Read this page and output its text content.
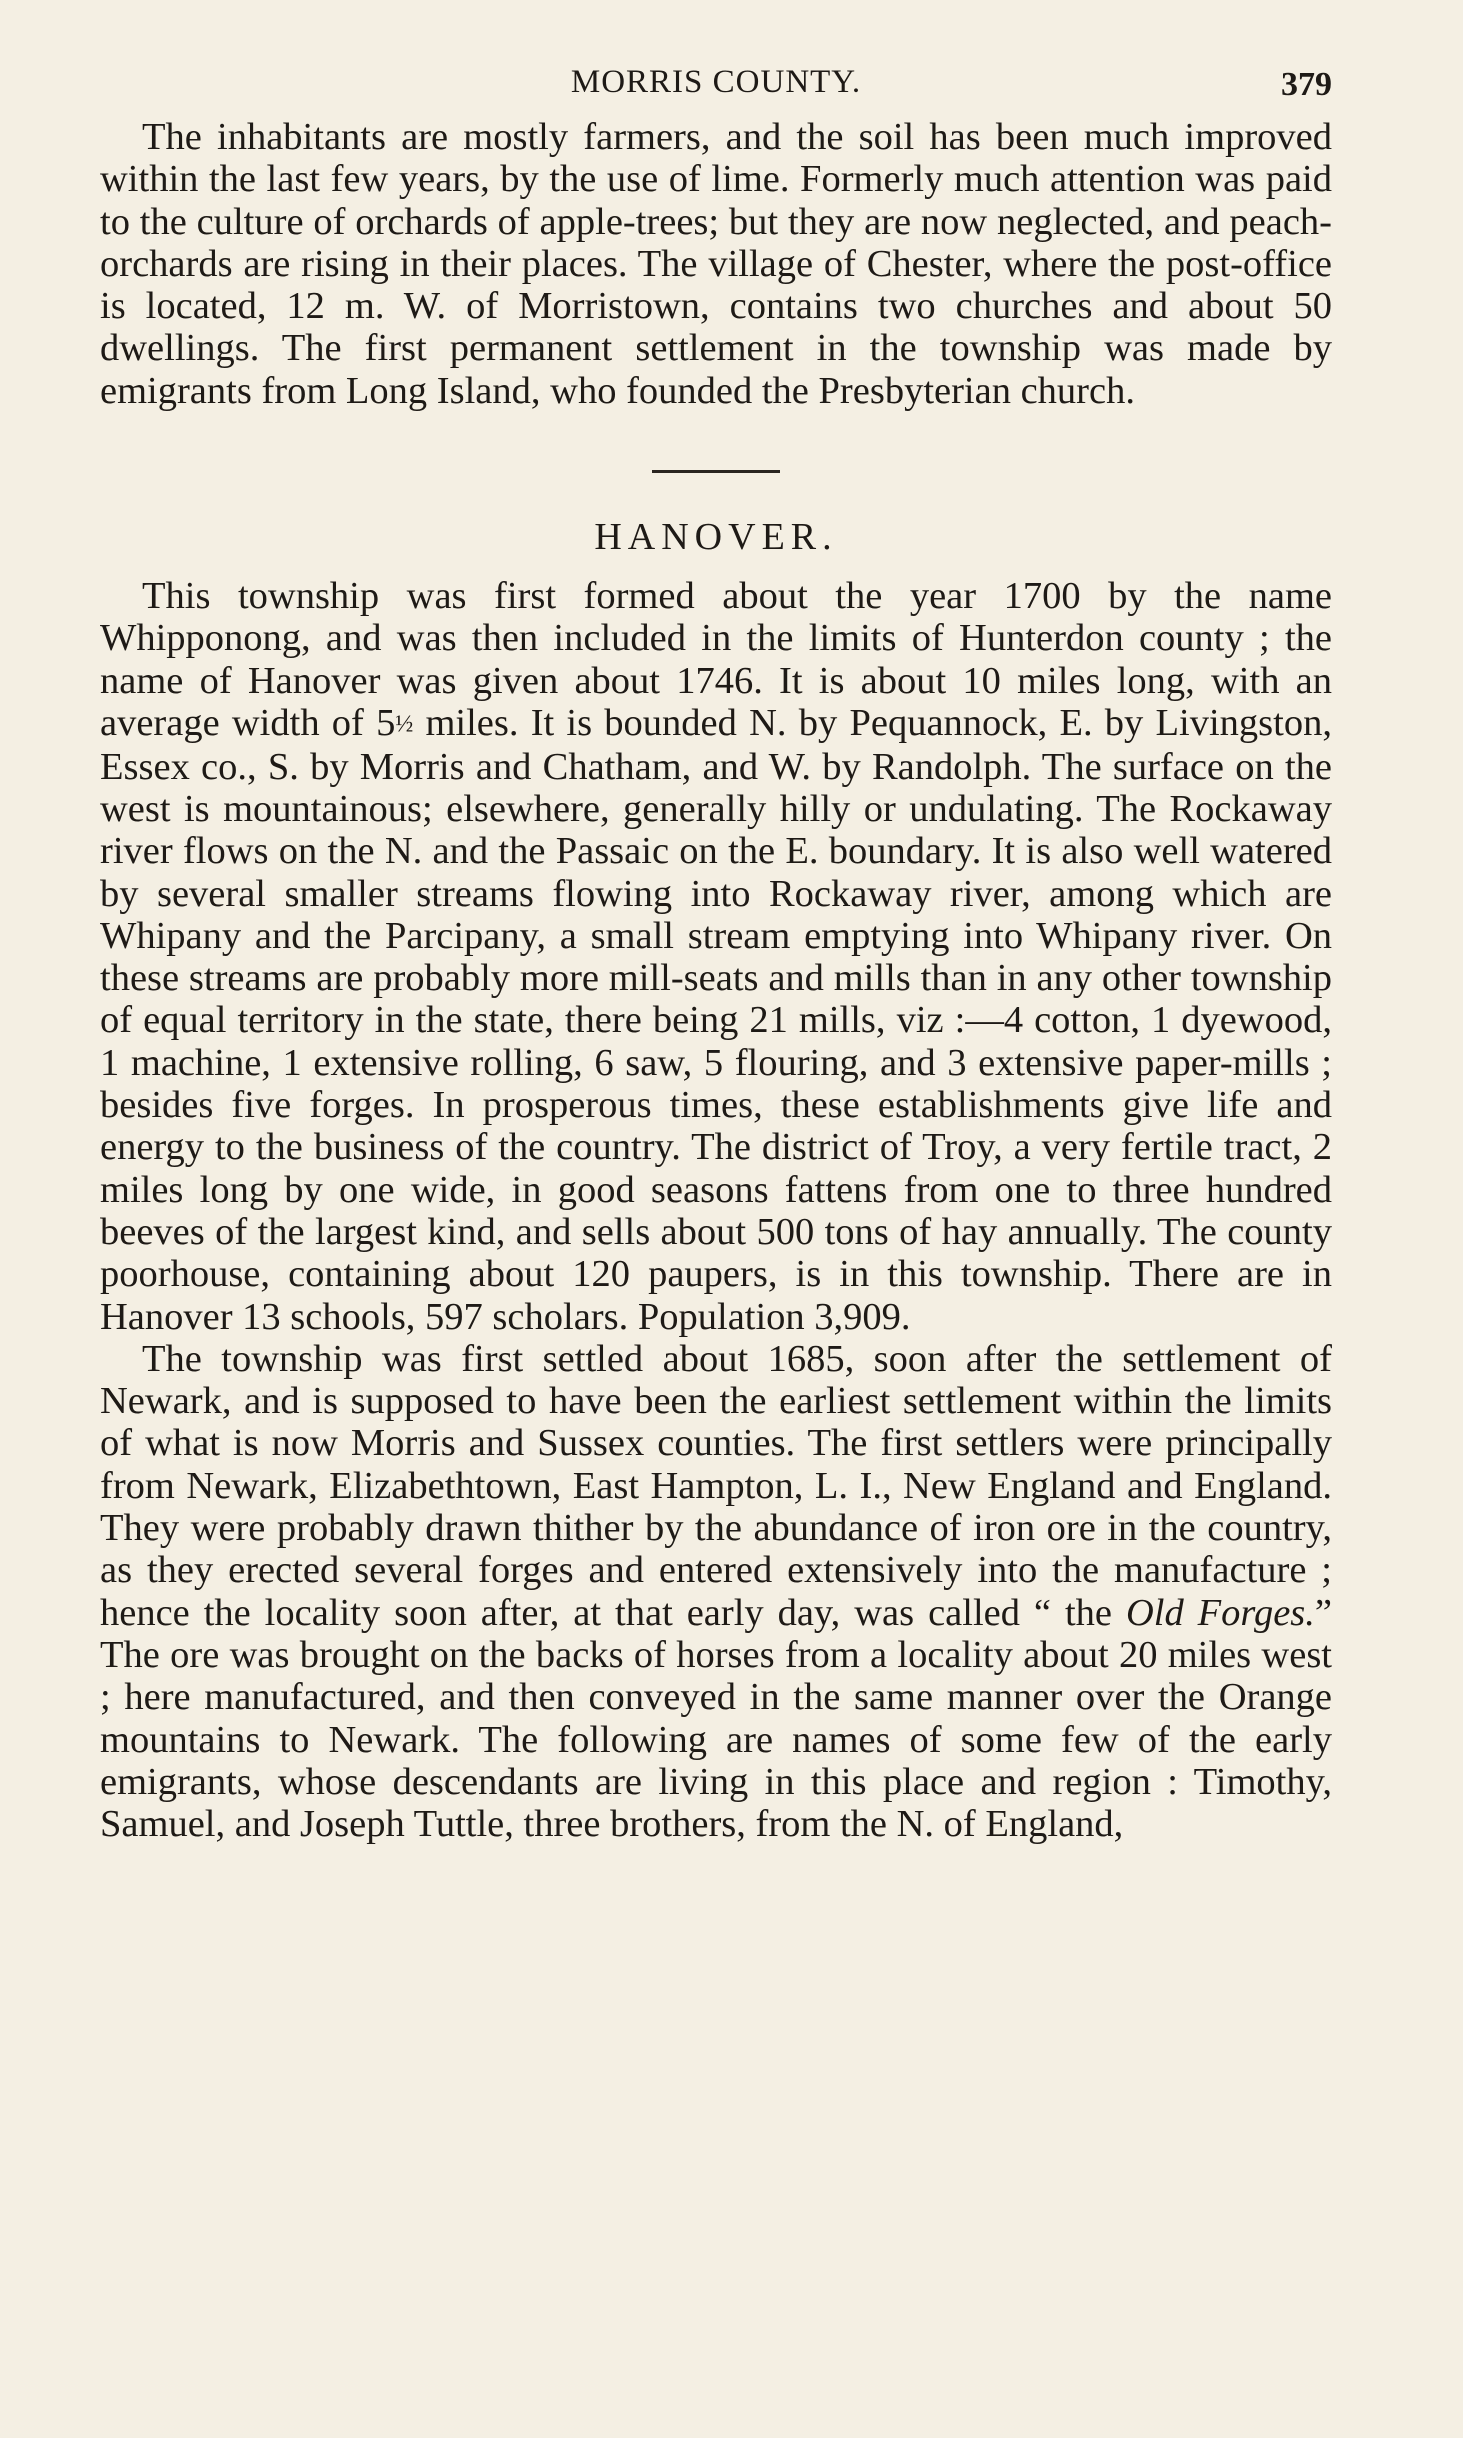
MORRIS COUNTY.	379

The inhabitants are mostly farmers, and the soil has been much improved within the last few years, by the use of lime. Formerly much attention was paid to the culture of orchards of apple-trees; but they are now neglected, and peach-orchards are rising in their places. The village of Chester, where the post-office is located, 12 m. W. of Morristown, contains two churches and about 50 dwellings. The first permanent settlement in the township was made by emigrants from Long Island, who founded the Presbyterian church.

HANOVER.

This township was first formed about the year 1700 by the name Whipponong, and was then included in the limits of Hunterdon county ; the name of Hanover was given about 1746. It is about 10 miles long, with an average width of 5½ miles. It is bounded N. by Pequannock, E. by Livingston, Essex co., S. by Morris and Chatham, and W. by Randolph. The surface on the west is mountainous; elsewhere, generally hilly or undulating. The Rockaway river flows on the N. and the Passaic on the E. boundary. It is also well watered by several smaller streams flowing into Rockaway river, among which are Whipany and the Parcipany, a small stream emptying into Whipany river. On these streams are probably more mill-seats and mills than in any other township of equal territory in the state, there being 21 mills, viz :—4 cotton, 1 dyewood, 1 machine, 1 extensive rolling, 6 saw, 5 flouring, and 3 extensive paper-mills ; besides five forges. In prosperous times, these establishments give life and energy to the business of the country. The district of Troy, a very fertile tract, 2 miles long by one wide, in good seasons fattens from one to three hundred beeves of the largest kind, and sells about 500 tons of hay annually. The county poorhouse, containing about 120 paupers, is in this township. There are in Hanover 13 schools, 597 scholars. Population 3,909.

The township was first settled about 1685, soon after the settlement of Newark, and is supposed to have been the earliest settlement within the limits of what is now Morris and Sussex counties. The first settlers were principally from Newark, Elizabethtown, East Hampton, L. I., New England and England. They were probably drawn thither by the abundance of iron ore in the country, as they erected several forges and entered extensively into the manufacture ; hence the locality soon after, at that early day, was called “ the Old Forges.” The ore was brought on the backs of horses from a locality about 20 miles west ; here manufactured, and then conveyed in the same manner over the Orange mountains to Newark. The following are names of some few of the early emigrants, whose descendants are living in this place and region : Timothy, Samuel, and Joseph Tuttle, three brothers, from the N. of England,
